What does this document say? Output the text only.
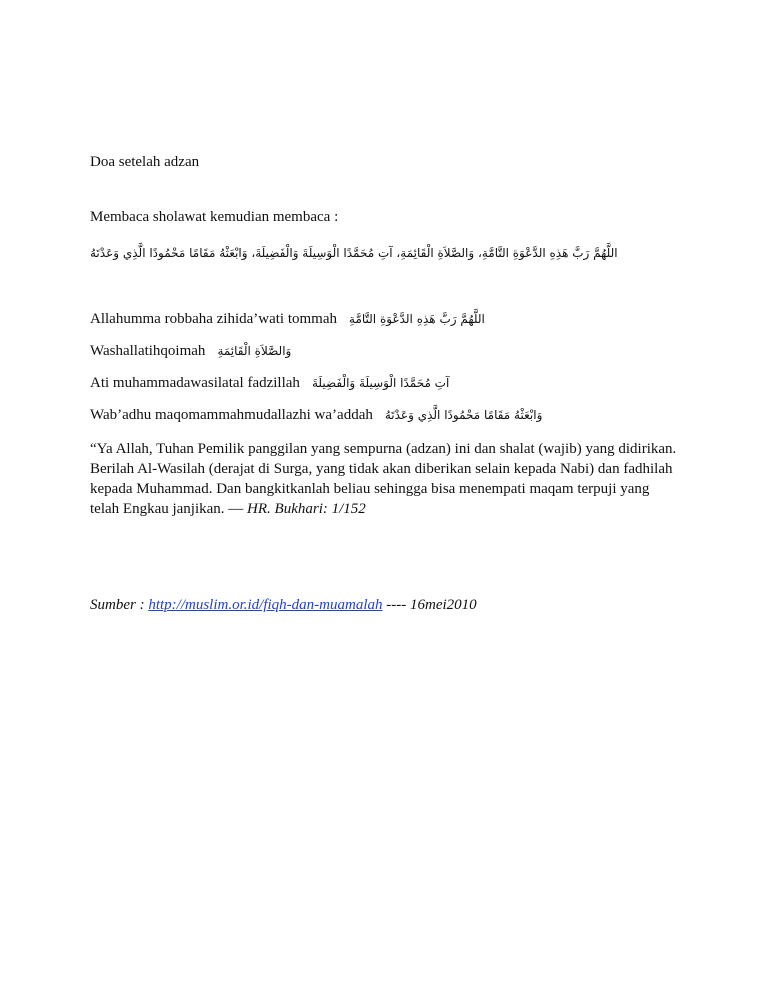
Doa setelah adzan
Membaca sholawat kemudian membaca :
اللَّهُمَّ رَبَّ هَذِهِ الدَّعْوَةِ التَّامَّةِ، وَالصَّلاَةِ الْقَائِمَةِ، آتِ مُحَمَّدًا الْوَسِيلَةَ وَالْفَضِيلَةَ، وَابْعَثْهُ مَقَامًا مَحْمُودًا الَّذِي وَعَدْتَهُ
Allahumma robbaha zihida’wati tommah اللَّهُمَّ رَبَّ هَذِهِ الدَّعْوَةِ التَّامَّةِ
Washallatihqoimah وَالصَّلاَةِ الْقَائِمَةِ
Ati muhammadawasilatal fadzillah آتِ مُحَمَّدًا الْوَسِيلَةَ وَالْفَضِيلَةَ
Wab’adhu maqomammahmudallazhi wa’addah وَابْعَثْهُ مَقَامًا مَحْمُودًا الَّذِي وَعَدْتَهُ
“Ya Allah, Tuhan Pemilik panggilan yang sempurna (adzan) ini dan shalat (wajib) yang didirikan. Berilah Al-Wasilah (derajat di Surga, yang tidak akan diberikan selain kepada Nabi) dan fadhilah kepada Muhammad. Dan bangkitkanlah beliau sehingga bisa menempati maqam terpuji yang telah Engkau janjikan. — HR. Bukhari: 1/152
Sumber : http://muslim.or.id/fiqh-dan-muamalah ---- 16mei2010
